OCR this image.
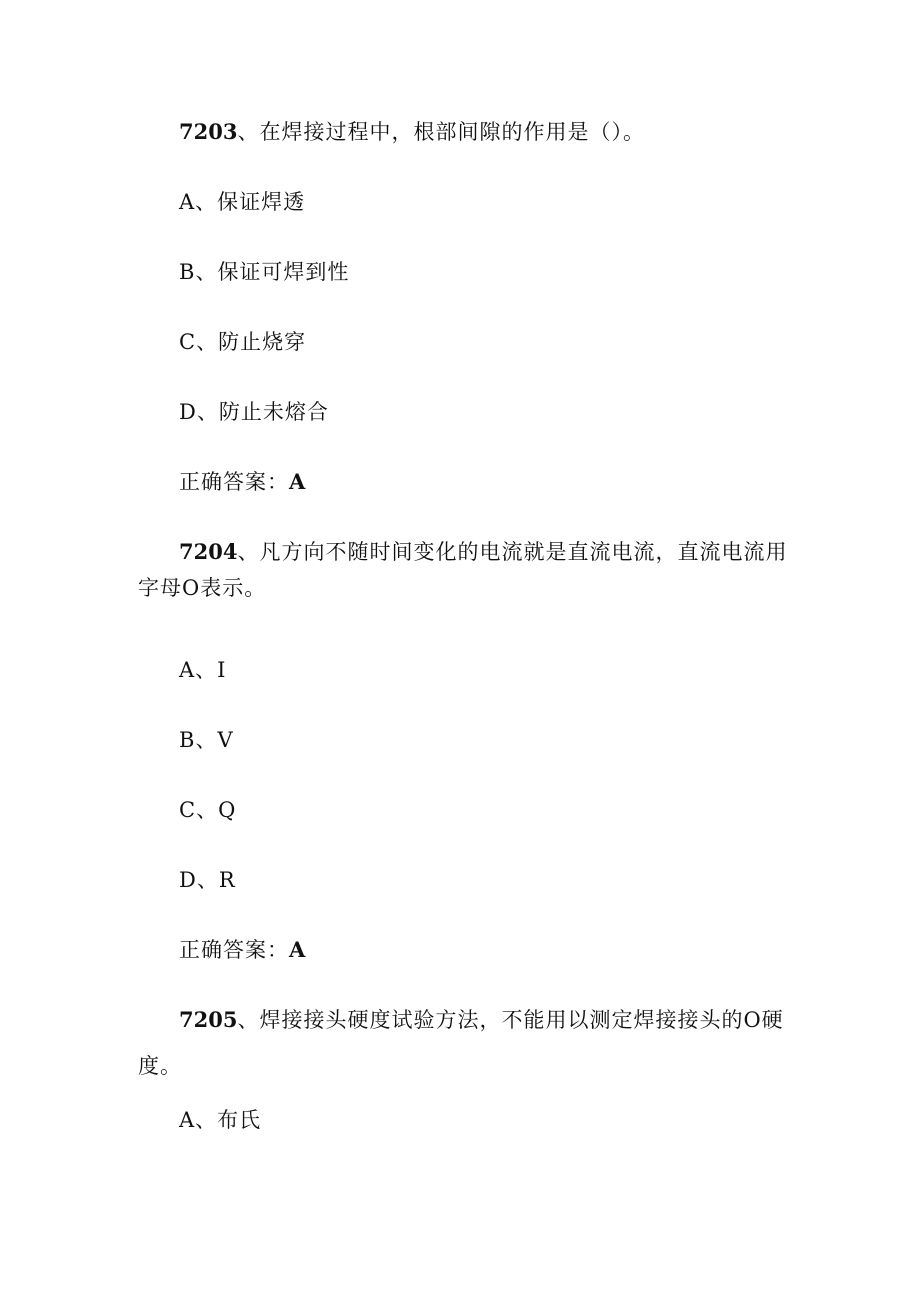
7203、在焊接过程中，根部间隙的作用是（）。
A、保证焊透
B、保证可焊到性
C、防止烧穿
D、防止未熔合
正确答案：A
7204、凡方向不随时间变化的电流就是直流电流，直流电流用
字母O表示。
A、I
B、V
C、Q
D、R
正确答案：A
7205、焊接接头硬度试验方法，不能用以测定焊接接头的O硬
度。
A、布氏
